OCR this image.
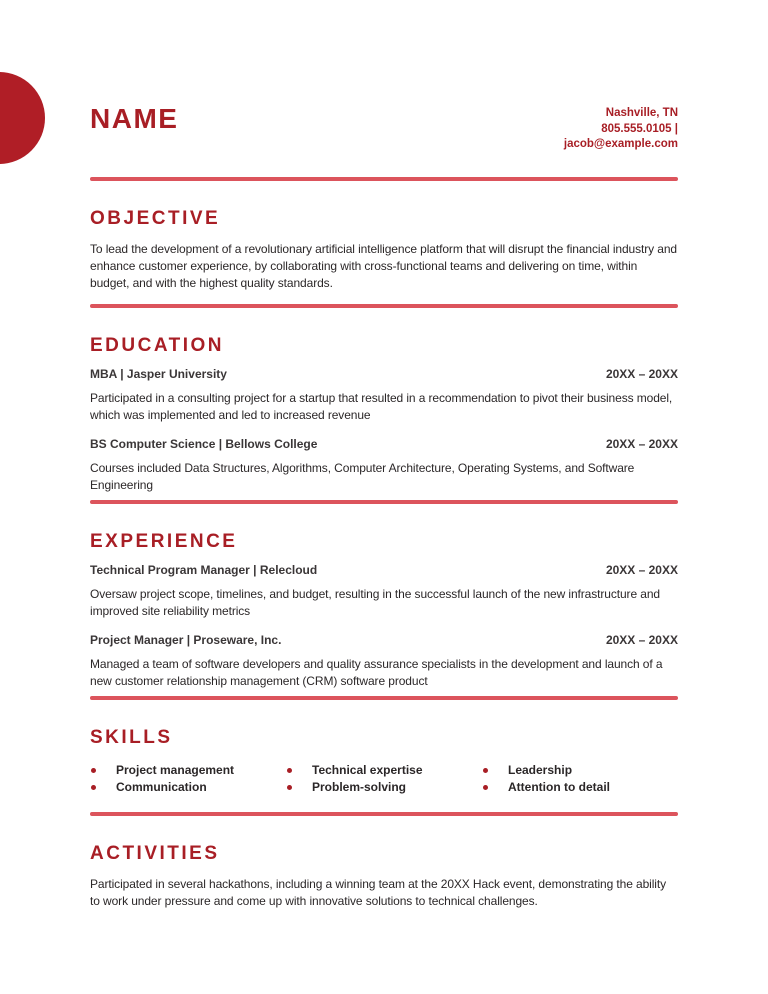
NAME	Nashville, TN
805.555.0105 |
jacob@example.com
OBJECTIVE

To lead the development of a revolutionary artificial intelligence platform that will disrupt the financial industry and enhance customer experience, by collaborating with cross-functional teams and delivering on time, within budget, and with the highest quality standards.

EDUCATION
MBA | Jasper University	20XX – 20XX

Participated in a consulting project for a startup that resulted in a recommendation to pivot their business model, which was implemented and led to increased revenue

BS Computer Science | Bellows College	20XX – 20XX

Courses included Data Structures, Algorithms, Computer Architecture, Operating Systems, and Software Engineering

EXPERIENCE
Technical Program Manager | Relecloud	20XX – 20XX

Oversaw project scope, timelines, and budget, resulting in the successful launch of the new infrastructure and improved site reliability metrics

Project Manager | Proseware, Inc.	20XX – 20XX

Managed a team of software developers and quality assurance specialists in the development and launch of a new customer relationship management (CRM) software product

SKILLS
Project management
Communication
Technical expertise
Problem-solving
Leadership
Attention to detail
ACTIVITIES

Participated in several hackathons, including a winning team at the 20XX Hack event, demonstrating the ability to work under pressure and come up with innovative solutions to technical challenges.
